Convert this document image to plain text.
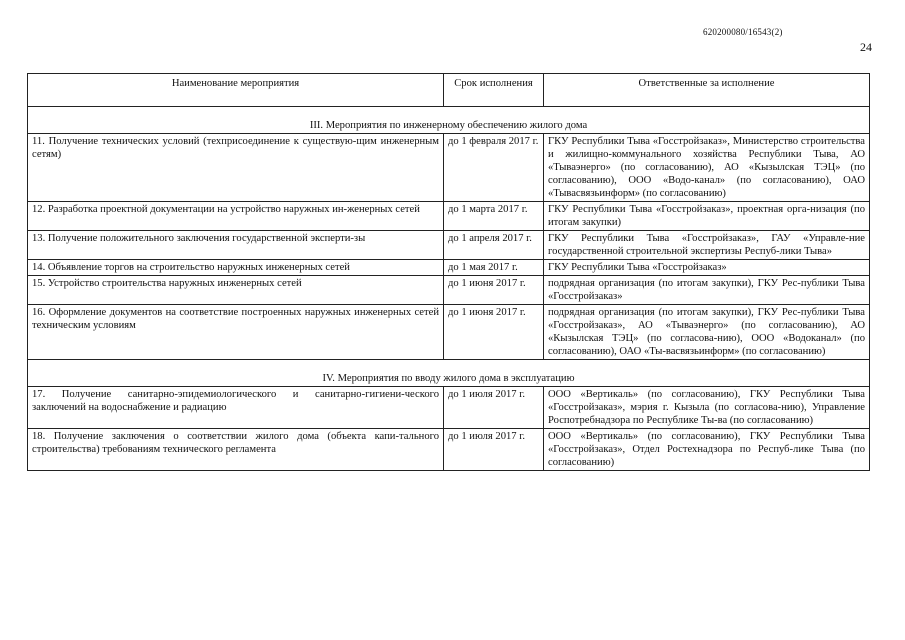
620200080/16543(2)
24
Наименование мероприятия	Срок исполнения	Ответственные за исполнение

III. Мероприятия по инженерному обеспечению жилого дома		
11. Получение технических условий (техприсоединение к существую-щим инженерным сетям)	до 1 февраля 2017 г.	ГКУ Республики Тыва «Госстройзаказ», Министерство строительства и жилищно-коммунального хозяйства Республики Тыва, АО «Тываэнерго» (по согласованию), АО «Кызылская ТЭЦ» (по согласованию), ООО «Водо-канал» (по согласованию), ОАО «Тывасвязьинформ» (по согласованию)
12. Разработка проектной документации на устройство наружных ин-женерных сетей	до 1 марта 2017 г.	ГКУ Республики Тыва «Госстройзаказ», проектная орга-низация (по итогам закупки)
13. Получение положительного заключения государственной эксперти-зы	до 1 апреля 2017 г.	ГКУ Республики Тыва «Госстройзаказ», ГАУ «Управле-ние государственной строительной экспертизы Респуб-лики Тыва»
14. Объявление торгов на строительство наружных инженерных сетей	до 1 мая 2017 г.	ГКУ Республики Тыва «Госстройзаказ»
15. Устройство строительства наружных инженерных сетей	до 1 июня 2017 г.	подрядная организация (по итогам закупки), ГКУ Рес-публики Тыва «Госстройзаказ»
16. Оформление документов на соответствие построенных наружных инженерных сетей техническим условиям	до 1 июня 2017 г.	подрядная организация (по итогам закупки), ГКУ Рес-публики Тыва «Госстройзаказ», АО «Тываэнерго» (по согласованию), АО «Кызылская ТЭЦ» (по согласова-нию), ООО «Водоканал» (по согласованию), ОАО «Ты-васвязьинформ» (по согласованию)

IV. Мероприятия по вводу жилого дома в эксплуатацию		
17. Получение санитарно-эпидемиологического и санитарно-гигиени-ческого заключений на водоснабжение и радиацию	до 1 июля 2017 г.	ООО «Вертикаль» (по согласованию), ГКУ Республики Тыва «Госстройзаказ», мэрия г. Кызыла (по согласова-нию), Управление Роспотребнадзора по Республике Ты-ва (по согласованию)
18. Получение заключения о соответствии жилого дома (объекта капи-тального строительства) требованиям технического регламента	до 1 июля 2017 г.	ООО «Вертикаль» (по согласованию), ГКУ Республики Тыва «Госстройзаказ», Отдел Ростехнадзора по Респуб-лике Тыва (по согласованию)
